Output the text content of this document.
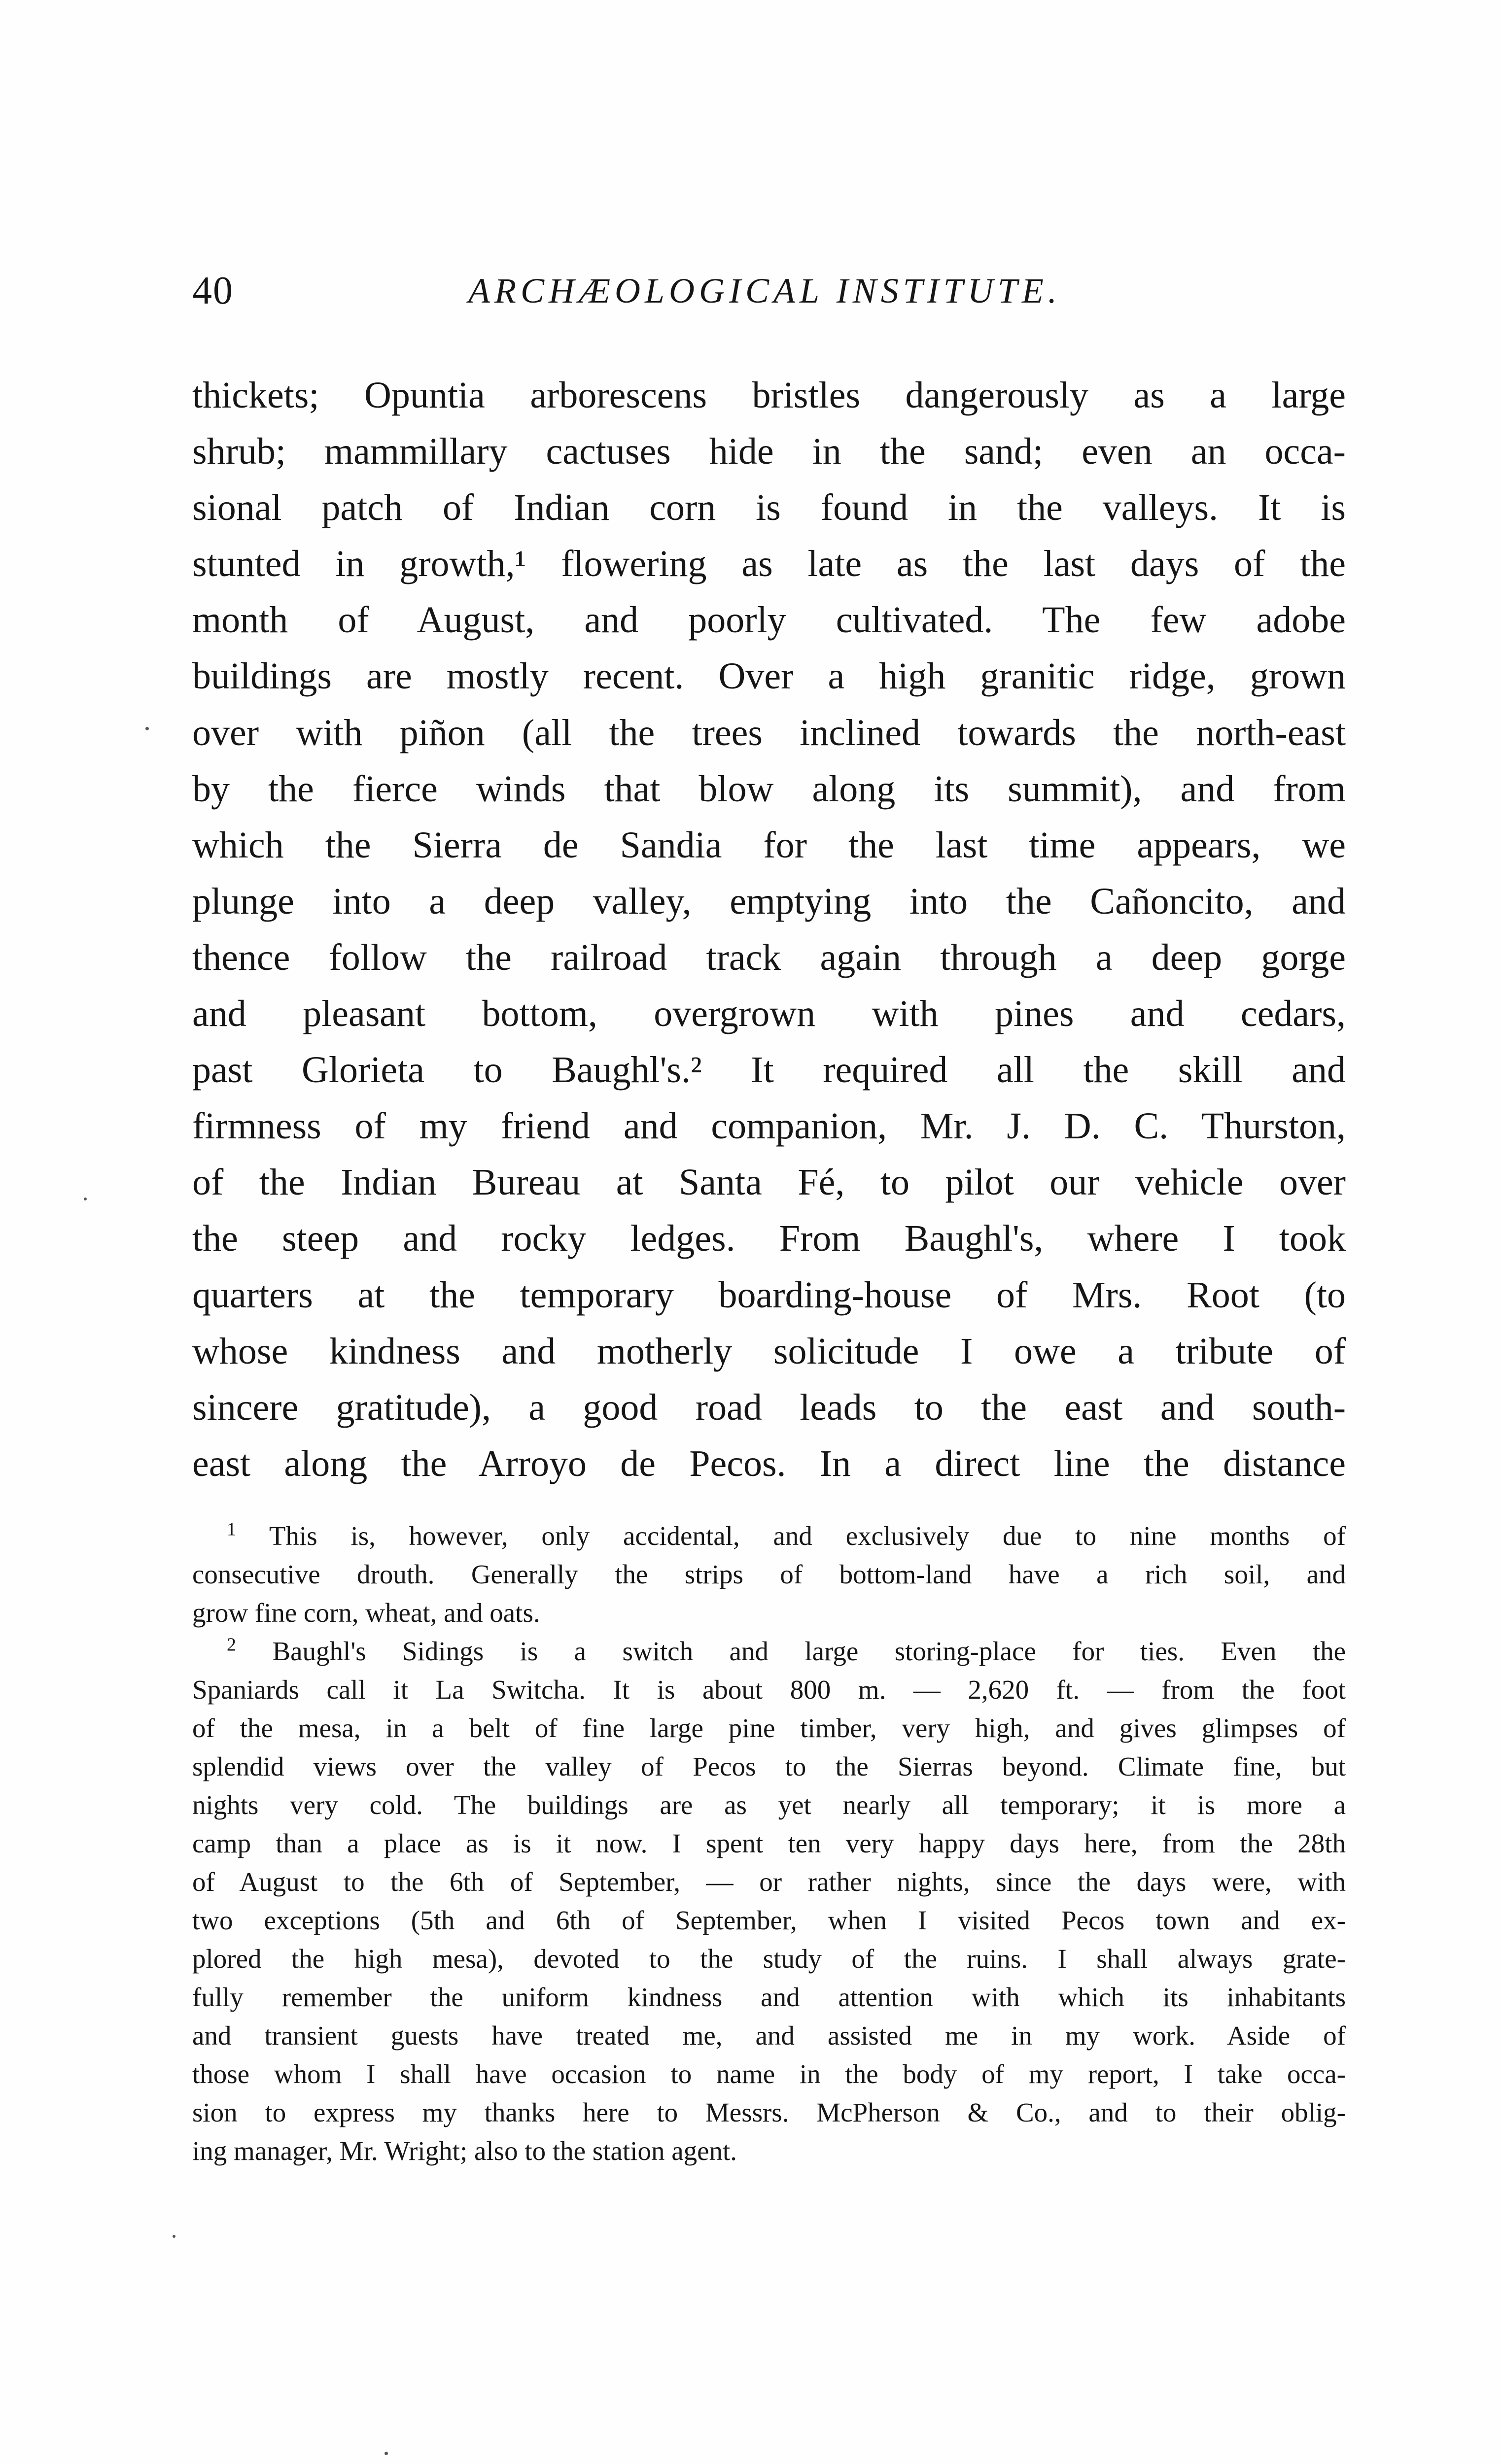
40	ARCHÆOLOGICAL INSTITUTE.

thickets; Opuntia arborescens bristles dangerously as a large
shrub; mammillary cactuses hide in the sand; even an occa-
sional patch of Indian corn is found in the valleys. It is
stunted in growth,¹ flowering as late as the last days of the
month of August, and poorly cultivated. The few adobe
buildings are mostly recent. Over a high granitic ridge, grown
over with piñon (all the trees inclined towards the north-east
by the fierce winds that blow along its summit), and from
which the Sierra de Sandia for the last time appears, we
plunge into a deep valley, emptying into the Cañoncito, and
thence follow the railroad track again through a deep gorge
and pleasant bottom, overgrown with pines and cedars,
past Glorieta to Baughl's.² It required all the skill and
firmness of my friend and companion, Mr. J. D. C. Thurston,
of the Indian Bureau at Santa Fé, to pilot our vehicle over
the steep and rocky ledges. From Baughl's, where I took
quarters at the temporary boarding-house of Mrs. Root (to
whose kindness and motherly solicitude I owe a tribute of
sincere gratitude), a good road leads to the east and south-
east along the Arroyo de Pecos. In a direct line the distance

$^1$ This is, however, only accidental, and exclusively due to nine months of
consecutive drouth. Generally the strips of bottom-land have a rich soil, and
grow fine corn, wheat, and oats.

$^2$ Baughl's Sidings is a switch and large storing-place for ties. Even the
Spaniards call it La Switcha. It is about 800 m. — 2,620 ft. — from the foot
of the mesa, in a belt of fine large pine timber, very high, and gives glimpses of
splendid views over the valley of Pecos to the Sierras beyond. Climate fine, but
nights very cold. The buildings are as yet nearly all temporary; it is more a
camp than a place as is it now. I spent ten very happy days here, from the 28th
of August to the 6th of September, — or rather nights, since the days were, with
two exceptions (5th and 6th of September, when I visited Pecos town and ex-
plored the high mesa), devoted to the study of the ruins. I shall always grate-
fully remember the uniform kindness and attention with which its inhabitants
and transient guests have treated me, and assisted me in my work. Aside of
those whom I shall have occasion to name in the body of my report, I take occa-
sion to express my thanks here to Messrs. McPherson & Co., and to their oblig-
ing manager, Mr. Wright; also to the station agent.
